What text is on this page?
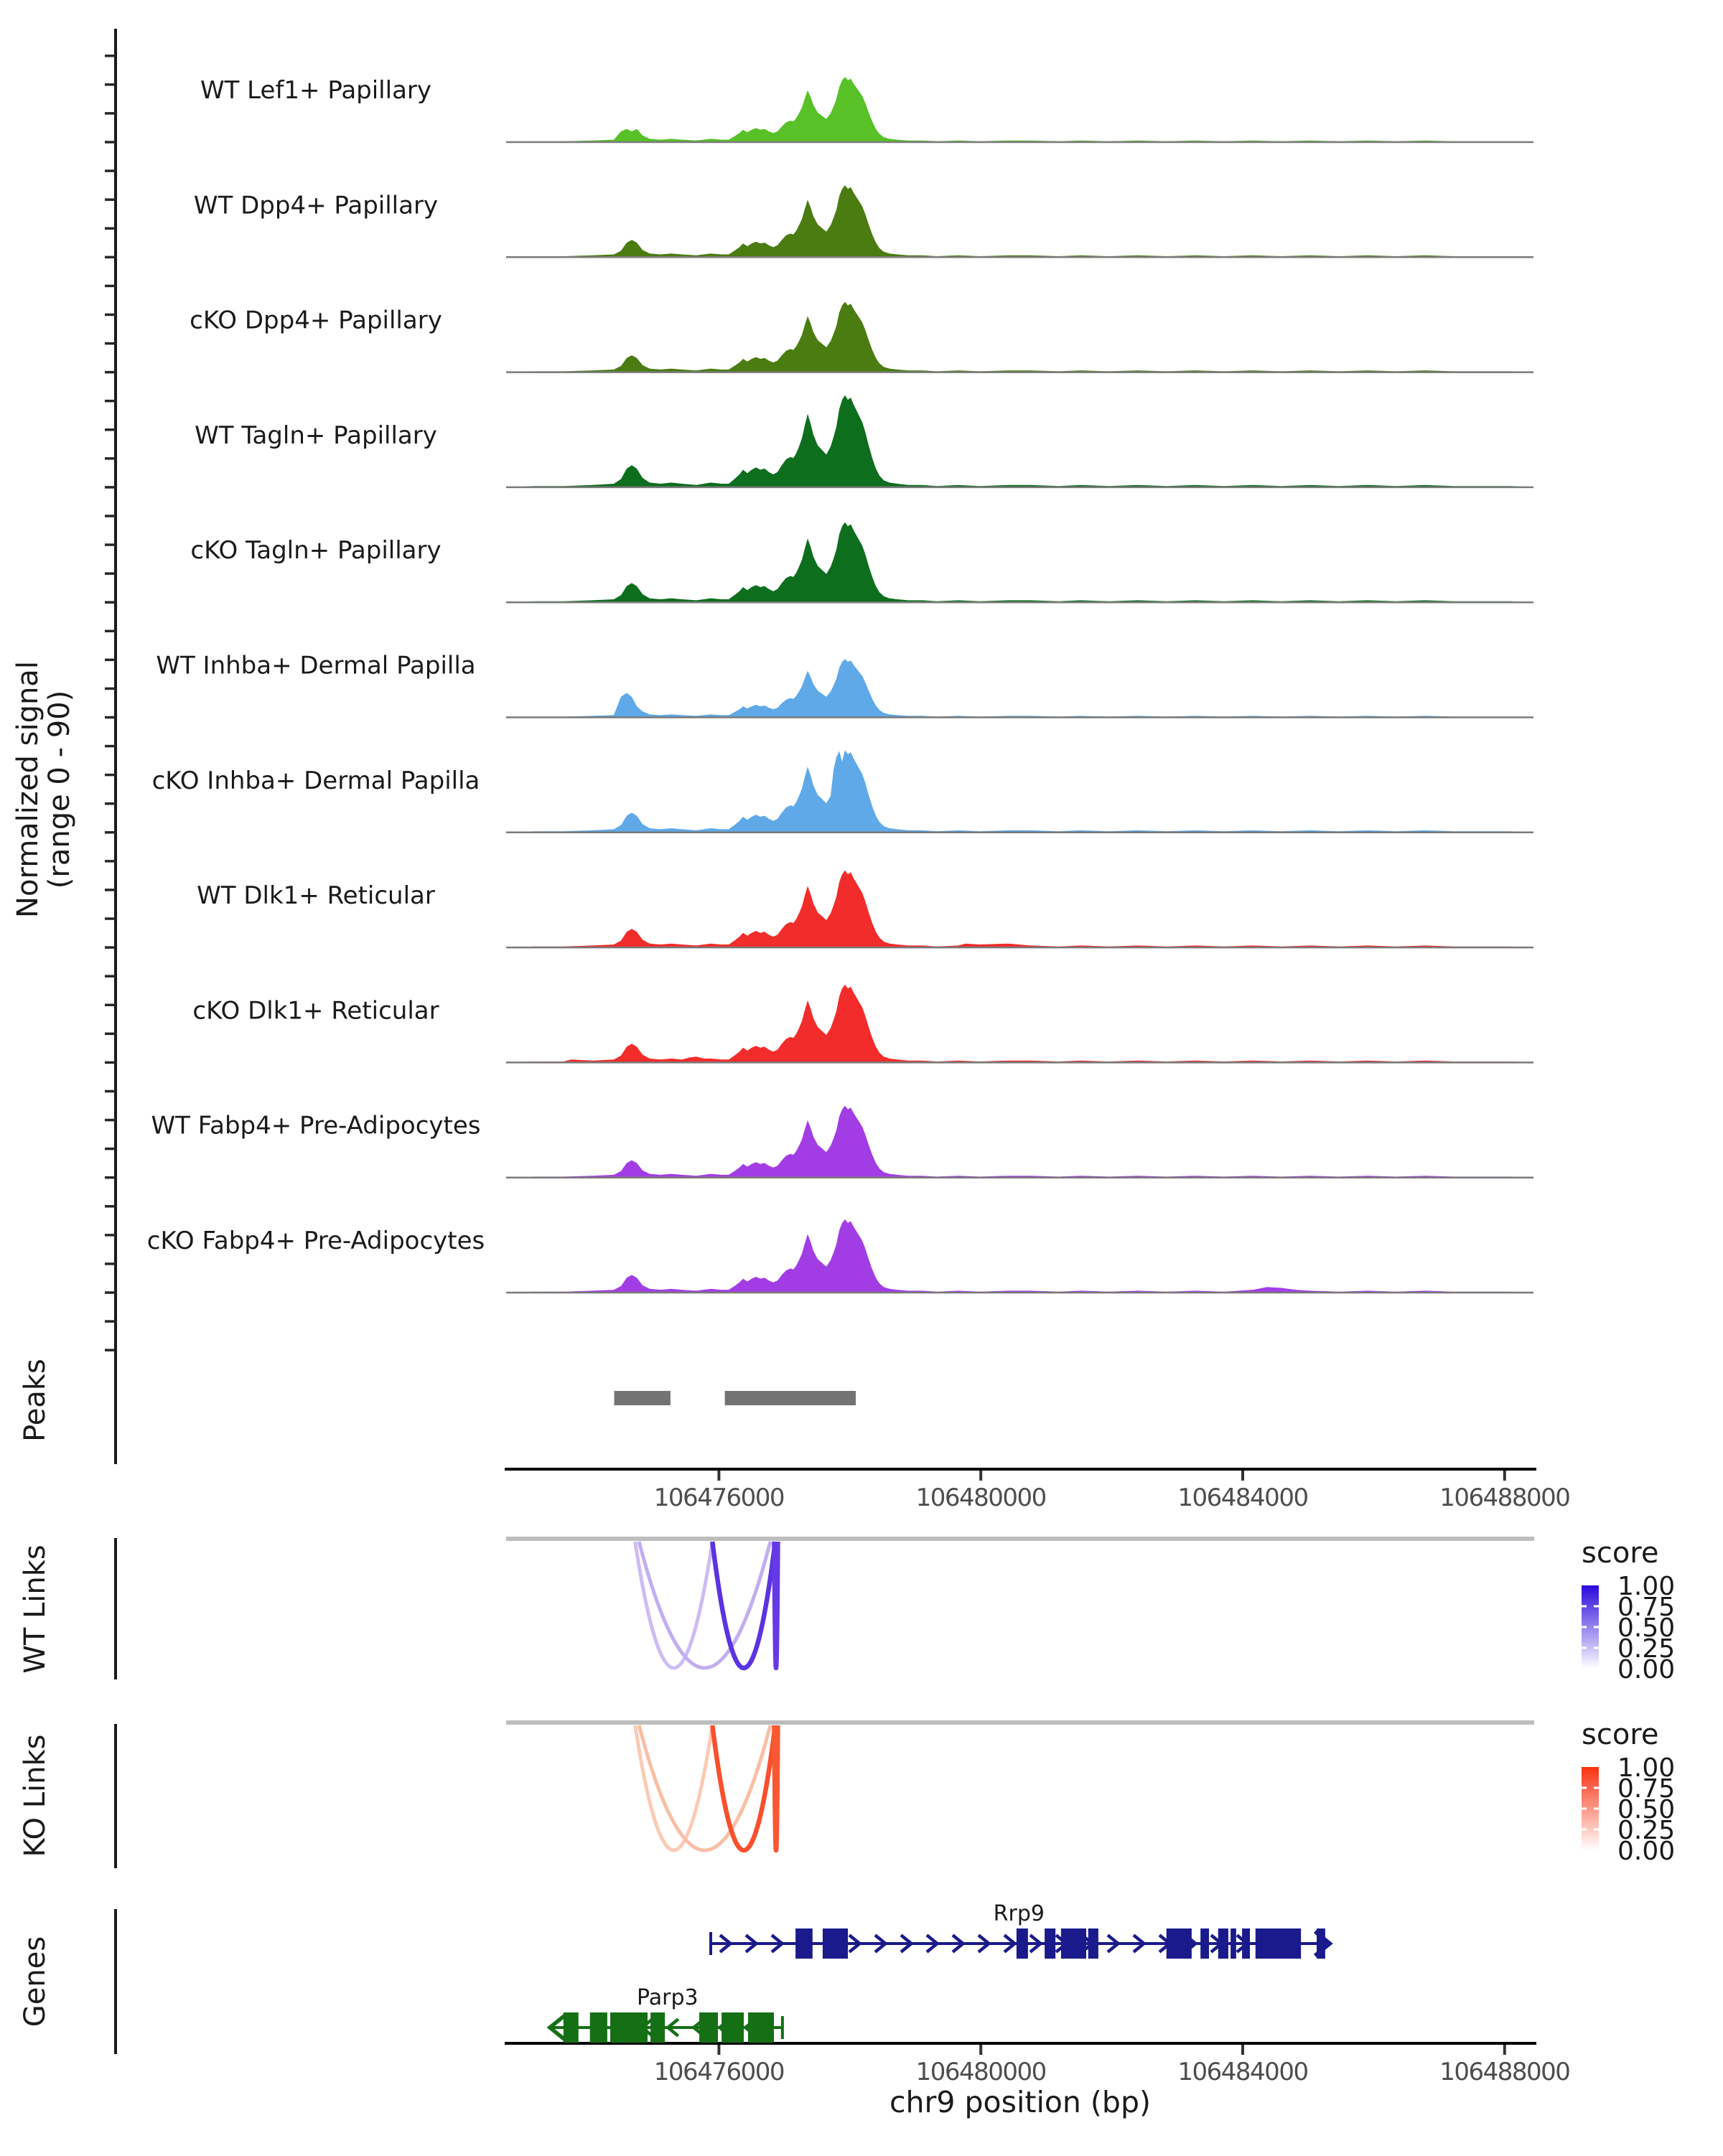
Normalized signal
(range 0 - 90)
WT Lef1+ Papillary
WT Dpp4+ Papillary
cKO Dpp4+ Papillary
WT Tagln+ Papillary
cKO Tagln+ Papillary
WT Inhba+ Dermal Papilla
cKO Inhba+ Dermal Papilla
WT Dlk1+ Reticular
cKO Dlk1+ Reticular
WT Fabp4+ Pre-Adipocytes
cKO Fabp4+ Pre-Adipocytes
Peaks
106476000	106480000	106484000	106488000
106476000	106480000	106484000	106488000
chr9 position (bp)
WT Links	score
1.00
0.75
0.50
0.25
0.00
KO Links	score
1.00
0.75
0.50
0.25
0.00
Genes
Rrp9
Parp3
